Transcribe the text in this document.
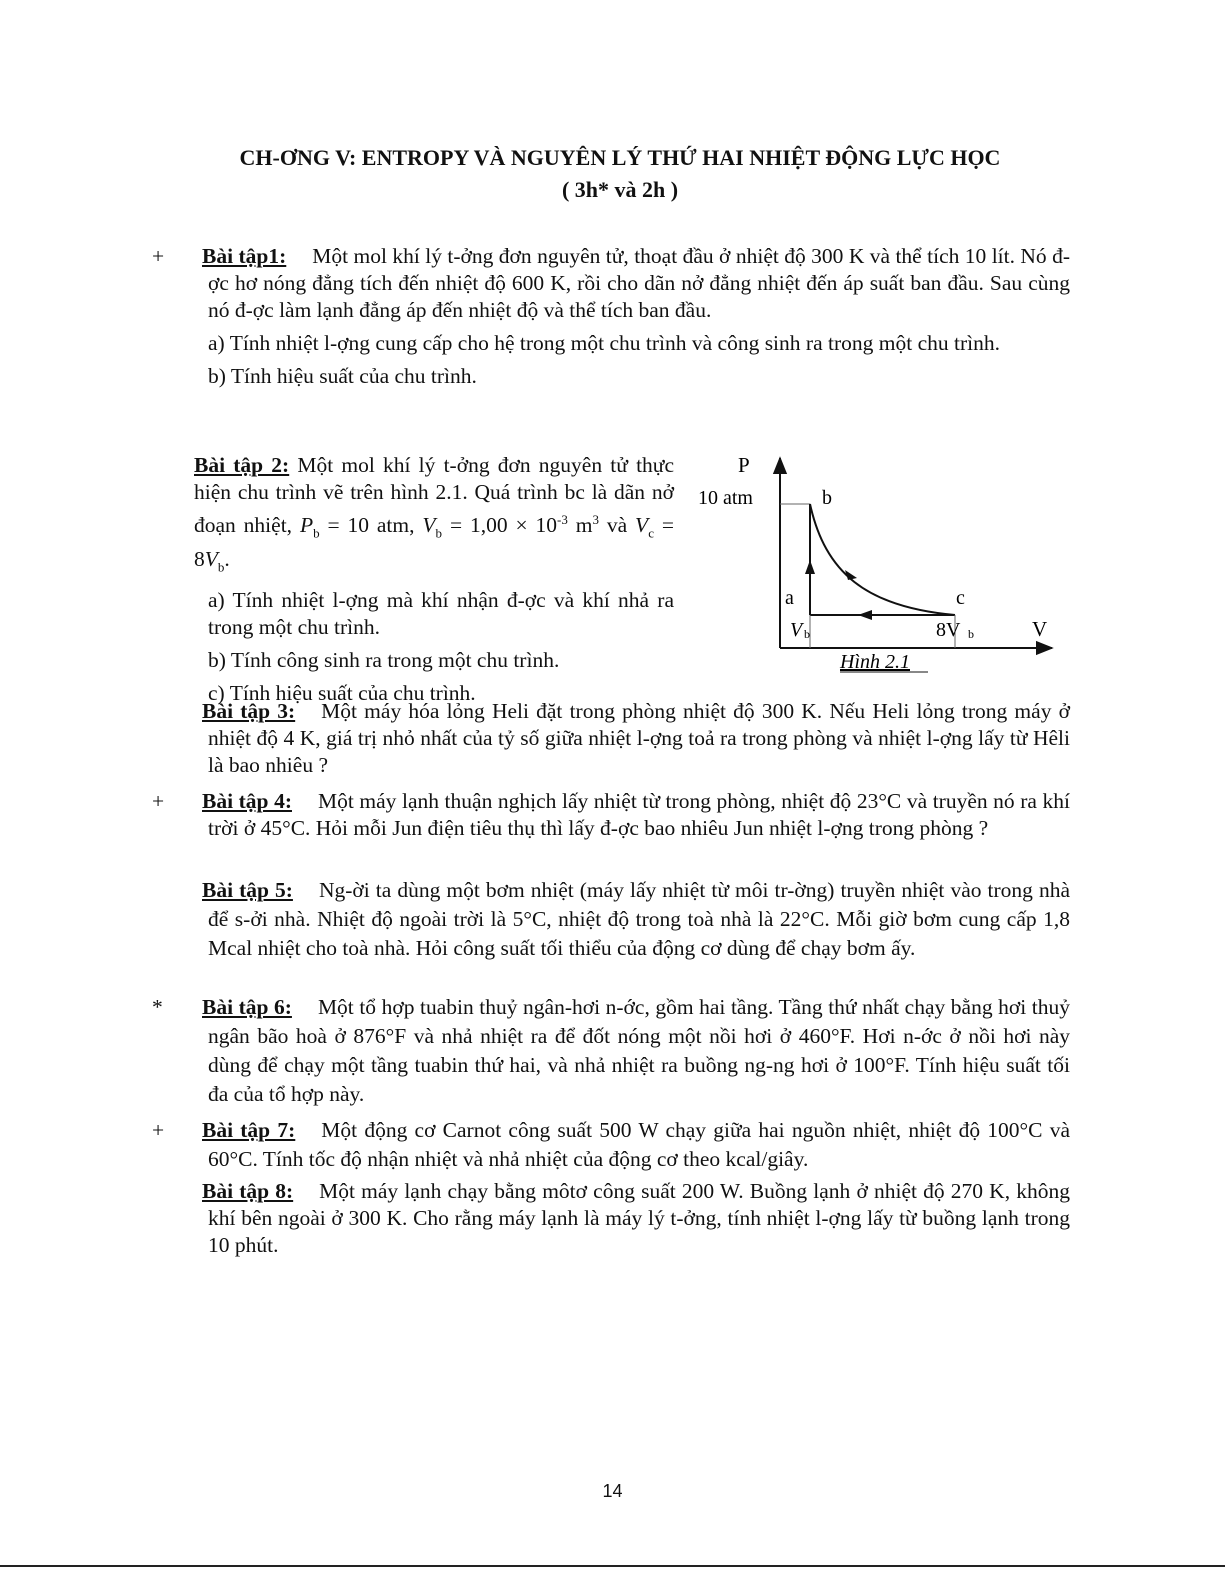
CH-ƠNG V: ENTROPY VÀ NGUYÊN LÝ THỨ HAI NHIỆT ĐỘNG LỰC HỌC
( 3h* và 2h )

+ Bài tập1: Một mol khí lý t-ởng đơn nguyên tử, thoạt đầu ở nhiệt độ 300 K và thể tích 10 lít. Nó đ-ợc hơ nóng đẳng tích đến nhiệt độ 600 K, rồi cho dãn nở đẳng nhiệt đến áp suất ban đầu. Sau cùng nó đ-ợc làm lạnh đẳng áp đến nhiệt độ và thể tích ban đầu.

a) Tính nhiệt l-ợng cung cấp cho hệ trong một chu trình và công sinh ra trong một chu trình.

b) Tính hiệu suất của chu trình.

Bài tập 2: Một mol khí lý t-ởng đơn nguyên tử thực hiện chu trình vẽ trên hình 2.1. Quá trình bc là dãn nở đoạn nhiệt, $P_b = 10$ atm, $V_b = 1,00 \times 10^{-3}$ $m^3$ và $V_c = 8V_b$.

a) Tính nhiệt l-ợng mà khí nhận đ-ợc và khí nhả ra trong một chu trình.

b) Tính công sinh ra trong một chu trình.

c) Tính hiệu suất của chu trình.

P
10 atm	b
a	c
V b	8V b	V
Hình 2.1

Bài tập 3: Một máy hóa lỏng Heli đặt trong phòng nhiệt độ 300 K. Nếu Heli lỏng trong máy ở nhiệt độ 4 K, giá trị nhỏ nhất của tỷ số giữa nhiệt l-ợng toả ra trong phòng và nhiệt l-ợng lấy từ Hêli là bao nhiêu ?

+ Bài tập 4: Một máy lạnh thuận nghịch lấy nhiệt từ trong phòng, nhiệt độ 23°C và truyền nó ra khí trời ở 45°C. Hỏi mỗi Jun điện tiêu thụ thì lấy đ-ợc bao nhiêu Jun nhiệt l-ợng trong phòng ?

Bài tập 5: Ng-ời ta dùng một bơm nhiệt (máy lấy nhiệt từ môi tr-ờng) truyền nhiệt vào trong nhà để s-ởi nhà. Nhiệt độ ngoài trời là 5°C, nhiệt độ trong toà nhà là 22°C. Mỗi giờ bơm cung cấp 1,8 Mcal nhiệt cho toà nhà. Hỏi công suất tối thiểu của động cơ dùng để chạy bơm ấy.

* Bài tập 6: Một tổ hợp tuabin thuỷ ngân-hơi n-ớc, gồm hai tầng. Tầng thứ nhất chạy bằng hơi thuỷ ngân bão hoà ở 876°F và nhả nhiệt ra để đốt nóng một nồi hơi ở 460°F. Hơi n-ớc ở nồi hơi này dùng để chạy một tầng tuabin thứ hai, và nhả nhiệt ra buồng ng-ng hơi ở 100°F. Tính hiệu suất tối đa của tổ hợp này.

+ Bài tập 7: Một động cơ Carnot công suất 500 W chạy giữa hai nguồn nhiệt, nhiệt độ 100°C và 60°C. Tính tốc độ nhận nhiệt và nhả nhiệt của động cơ theo kcal/giây.

Bài tập 8: Một máy lạnh chạy bằng môtơ công suất 200 W. Buồng lạnh ở nhiệt độ 270 K, không khí bên ngoài ở 300 K. Cho rằng máy lạnh là máy lý t-ởng, tính nhiệt l-ợng lấy từ buồng lạnh trong 10 phút.

14
